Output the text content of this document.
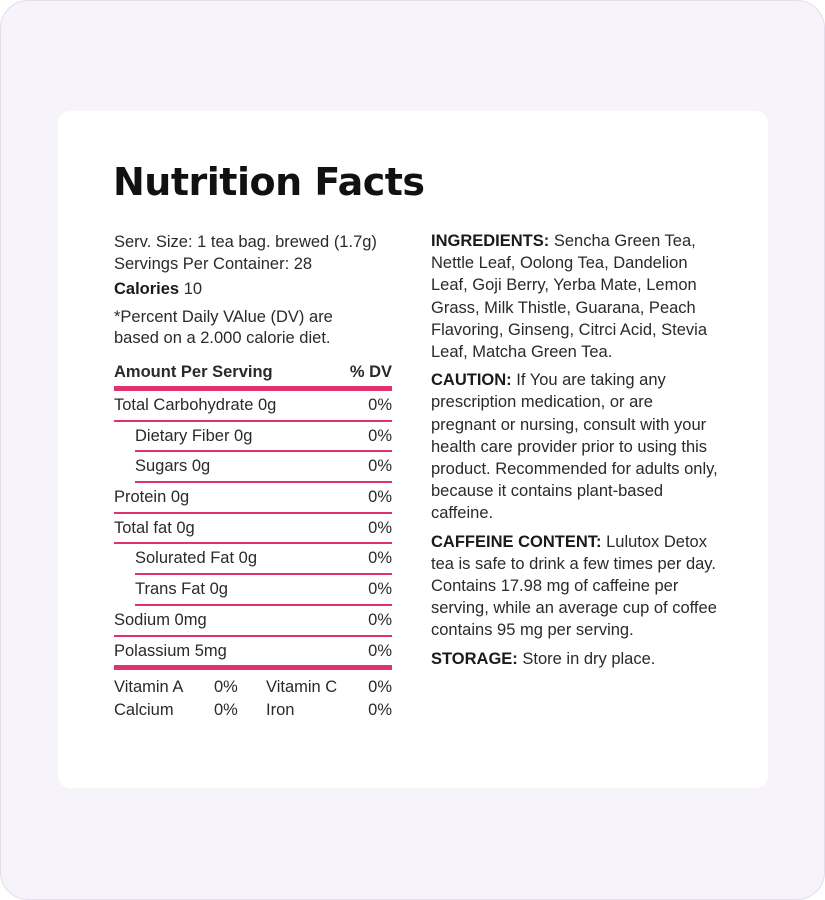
Nutrition Facts
Serv. Size: 1 tea bag. brewed (1.7g)
Servings Per Container: 28
Calories 10
*Percent Daily VAlue (DV) are
based on a 2.000 calorie diet.
Amount Per Serving	% DV
Total Carbohydrate 0g	0%
Dietary Fiber 0g	0%
Sugars 0g	0%
Protein 0g	0%
Total fat 0g	0%
Solurated Fat 0g	0%
Trans Fat 0g	0%
Sodium 0mg	0%
Polassium 5mg	0%
Vitamin A	0%	Vitamin C	0%
Calcium	0%	Iron	0%

INGREDIENTS: Sencha Green Tea, Nettle Leaf, Oolong Tea, Dandelion Leaf, Goji Berry, Yerba Mate, Lemon Grass, Milk Thistle, Guarana, Peach Flavoring, Ginseng, Citrci Acid, Stevia Leaf, Matcha Green Tea.

CAUTION: If You are taking any prescription medication, or are pregnant or nursing, consult with your health care provider prior to using this product. Recommended for adults only, because it contains plant-based caffeine.

CAFFEINE CONTENT: Lulutox Detox tea is safe to drink a few times per day. Contains 17.98 mg of caffeine per serving, while an average cup of coffee contains 95 mg per serving.

STORAGE: Store in dry place.
